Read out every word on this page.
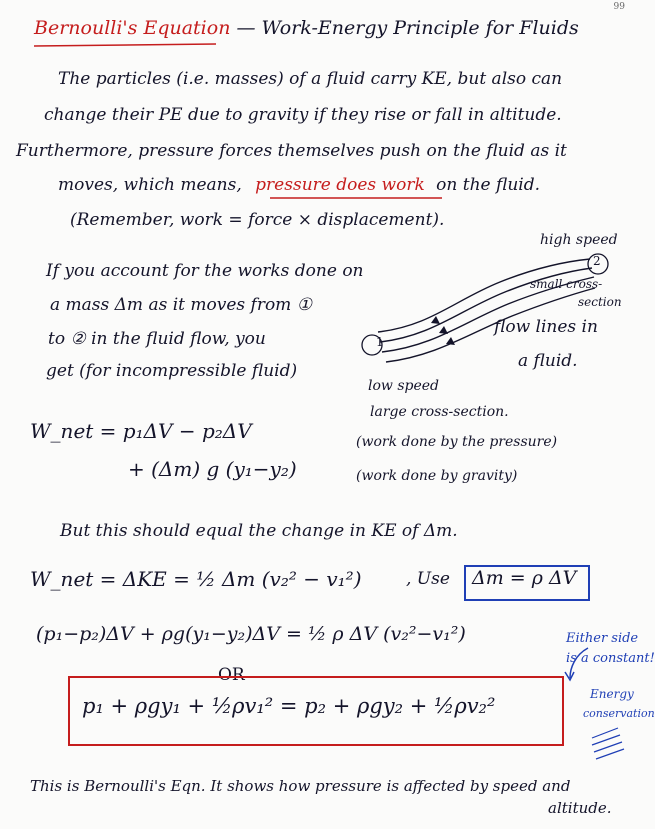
99
Bernoulli's Equation — Work-Energy Principle for Fluids
The particles (i.e. masses) of a fluid carry KE, but also can
change their PE due to gravity if they rise or fall in altitude.
Furthermore, pressure forces themselves push on the fluid as it
moves, which means, pressure does work on the fluid.
(Remember, work = force × displacement).
If you account for the works done on
a mass Δm as it moves from ①
to ② in the fluid flow, you
get (for incompressible fluid)
1
2
high speed
small cross-
section
flow lines in
a fluid.
low speed
large cross-section.
W_net = p₁ΔV − p₂ΔV
+ (Δm) g (y₁−y₂)
(work done by the pressure)
(work done by gravity)
But this should equal the change in KE of Δm.
W_net = ΔKE = ½ Δm (v₂² − v₁²)	, Use Δm = ρ ΔV
(p₁−p₂)ΔV + ρg(y₁−y₂)ΔV = ½ ρ ΔV (v₂²−v₁²)
OR
Either side
is a constant!
Energy
conservation
p₁ + ρgy₁ + ½ρv₁² = p₂ + ρgy₂ + ½ρv₂²
This is Bernoulli's Eqn. It shows how pressure is affected by speed and
altitude.
